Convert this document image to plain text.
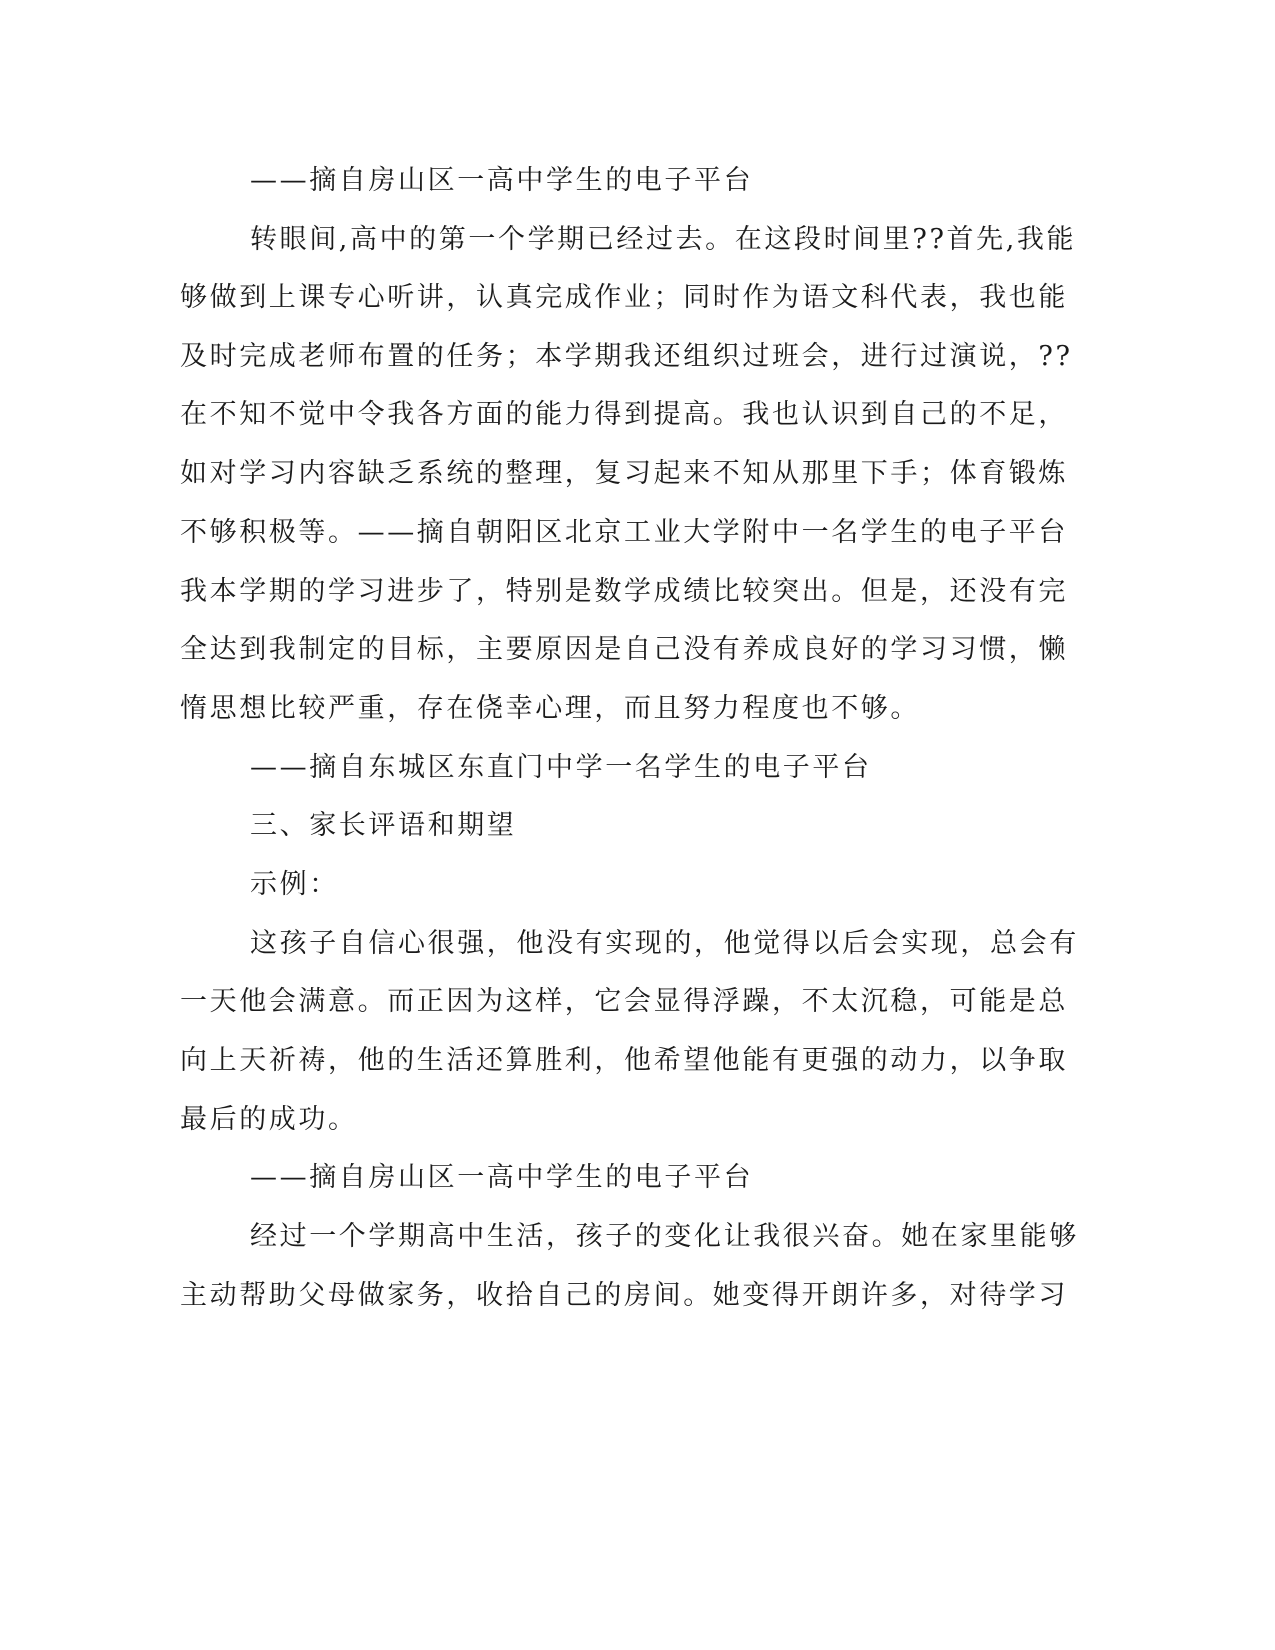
——摘自房山区一高中学生的电子平台
转眼间,高中的第一个学期已经过去。在这段时间里??首先,我能
够做到上课专心听讲，认真完成作业；同时作为语文科代表，我也能
及时完成老师布置的任务；本学期我还组织过班会，进行过演说，??
在不知不觉中令我各方面的能力得到提高。我也认识到自己的不足，
如对学习内容缺乏系统的整理，复习起来不知从那里下手；体育锻炼
不够积极等。——摘自朝阳区北京工业大学附中一名学生的电子平台
我本学期的学习进步了，特别是数学成绩比较突出。但是，还没有完
全达到我制定的目标，主要原因是自己没有养成良好的学习习惯，懒
惰思想比较严重，存在侥幸心理，而且努力程度也不够。
——摘自东城区东直门中学一名学生的电子平台
三、家长评语和期望
示例：
这孩子自信心很强，他没有实现的，他觉得以后会实现，总会有
一天他会满意。而正因为这样，它会显得浮躁，不太沉稳，可能是总
向上天祈祷，他的生活还算胜利，他希望他能有更强的动力，以争取
最后的成功。
——摘自房山区一高中学生的电子平台
经过一个学期高中生活，孩子的变化让我很兴奋。她在家里能够
主动帮助父母做家务，收拾自己的房间。她变得开朗许多，对待学习
